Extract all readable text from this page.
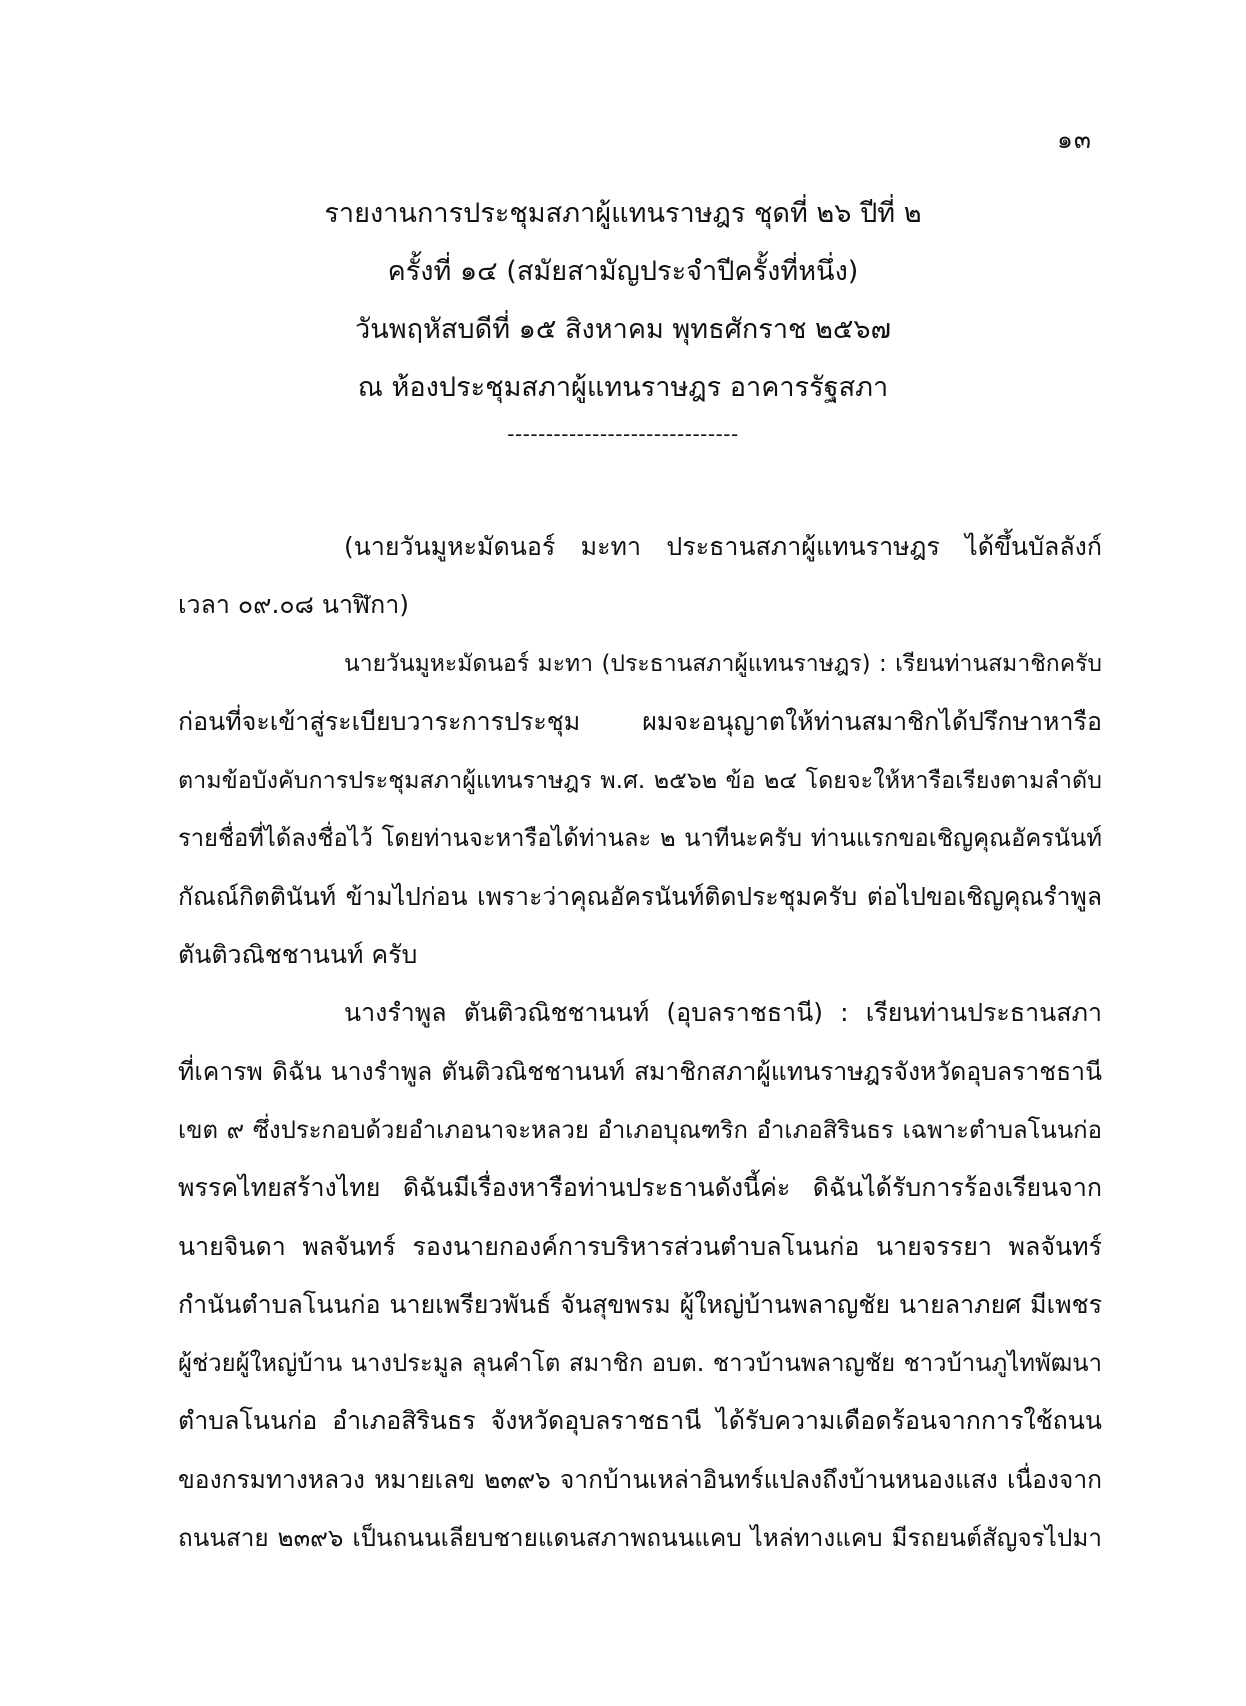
๑๓
รายงานการประชุมสภาผู้แทนราษฎร ชุดที่ ๒๖ ปีที่ ๒
ครั้งที่ ๑๔ (สมัยสามัญประจำปีครั้งที่หนึ่ง)
วันพฤหัสบดีที่ ๑๕ สิงหาคม พุทธศักราช ๒๕๖๗
ณ ห้องประชุมสภาผู้แทนราษฎร อาคารรัฐสภา
------------------------------
(นายวันมูหะมัดนอร์ มะทา ประธานสภาผู้แทนราษฎร ได้ขึ้นบัลลังก์
เวลา ๐๙.๐๘ นาฬิกา)
นายวันมูหะมัดนอร์ มะทา (ประธานสภาผู้แทนราษฎร) : เรียนท่านสมาชิกครับ
ก่อนที่จะเข้าสู่ระเบียบวาระการประชุม ผมจะอนุญาตให้ท่านสมาชิกได้ปรึกษาหารือ
ตามข้อบังคับการประชุมสภาผู้แทนราษฎร พ.ศ. ๒๕๖๒ ข้อ ๒๔ โดยจะให้หารือเรียงตามลำดับ
รายชื่อที่ได้ลงชื่อไว้ โดยท่านจะหารือได้ท่านละ ๒ นาทีนะครับ ท่านแรกขอเชิญคุณอัครนันท์
กัณณ์กิตตินันท์ ข้ามไปก่อน เพราะว่าคุณอัครนันท์ติดประชุมครับ ต่อไปขอเชิญคุณรำพูล
ตันติวณิชชานนท์ ครับ
นางรำพูล ตันติวณิชชานนท์ (อุบลราชธานี) : เรียนท่านประธานสภา
ที่เคารพ ดิฉัน นางรำพูล ตันติวณิชชานนท์ สมาชิกสภาผู้แทนราษฎรจังหวัดอุบลราชธานี
เขต ๙ ซึ่งประกอบด้วยอำเภอนาจะหลวย อำเภอบุณฑริก อำเภอสิรินธร เฉพาะตำบลโนนก่อ
พรรคไทยสร้างไทย ดิฉันมีเรื่องหารือท่านประธานดังนี้ค่ะ ดิฉันได้รับการร้องเรียนจาก
นายจินดา พลจันทร์ รองนายกองค์การบริหารส่วนตำบลโนนก่อ นายจรรยา พลจันทร์
กำนันตำบลโนนก่อ นายเพรียวพันธ์ จันสุขพรม ผู้ใหญ่บ้านพลาญชัย นายลาภยศ มีเพชร
ผู้ช่วยผู้ใหญ่บ้าน นางประมูล ลุนคำโต สมาชิก อบต. ชาวบ้านพลาญชัย ชาวบ้านภูไทพัฒนา
ตำบลโนนก่อ อำเภอสิรินธร จังหวัดอุบลราชธานี ได้รับความเดือดร้อนจากการใช้ถนน
ของกรมทางหลวง หมายเลข ๒๓๙๖ จากบ้านเหล่าอินทร์แปลงถึงบ้านหนองแสง เนื่องจาก
ถนนสาย ๒๓๙๖ เป็นถนนเลียบชายแดนสภาพถนนแคบ ไหล่ทางแคบ มีรถยนต์สัญจรไปมา
